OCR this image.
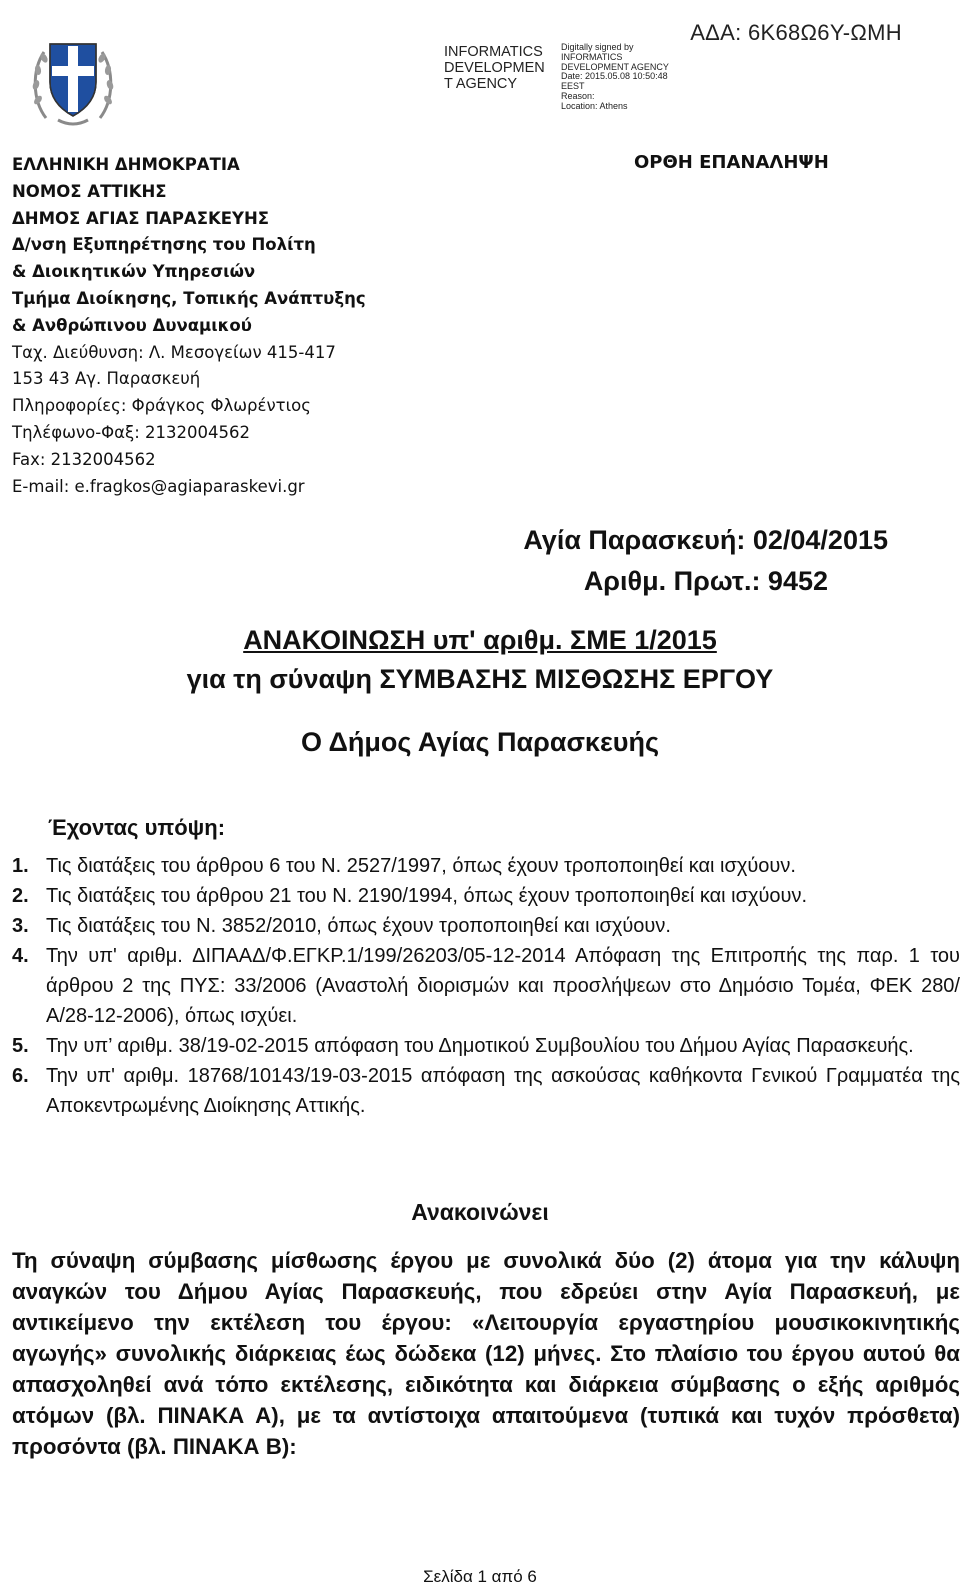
INFORMATICS
DEVELOPMEN
T AGENCY
Digitally signed by
INFORMATICS
DEVELOPMENT AGENCY
Date: 2015.05.08 10:50:48
EEST
Reason:
Location: Athens
ΑΔΑ: 6Κ68Ω6Υ-ΩΜΗ
ΕΛΛΗΝΙΚΗ ΔΗΜΟΚΡΑΤΙΑ
ΝΟΜΟΣ ΑΤΤΙΚΗΣ
ΔΗΜΟΣ ΑΓΙΑΣ ΠΑΡΑΣΚΕΥΗΣ
Δ/νση Εξυπηρέτησης του Πολίτη
& Διοικητικών Υπηρεσιών
Τμήμα Διοίκησης, Τοπικής Ανάπτυξης
& Ανθρώπινου Δυναμικού
Ταχ. Διεύθυνση: Λ. Μεσογείων 415-417
153 43 Αγ. Παρασκευή
Πληροφορίες: Φράγκος Φλωρέντιος
Τηλέφωνο-Φαξ: 2132004562
Fax: 2132004562
E-mail: e.fragkos@agiaparaskevi.gr
ΟΡΘΗ ΕΠΑΝΑΛΗΨΗ
Αγία Παρασκευή: 02/04/2015
Αριθμ. Πρωτ.: 9452
ΑΝΑΚΟΙΝΩΣΗ υπ' αριθμ. ΣΜΕ 1/2015
για τη σύναψη ΣΥΜΒΑΣΗΣ ΜΙΣΘΩΣΗΣ ΕΡΓΟΥ
Ο Δήμος Αγίας Παρασκευής
Έχοντας υπόψη:
1. Τις διατάξεις του άρθρου 6 του Ν. 2527/1997, όπως έχουν τροποποιηθεί και ισχύουν.
2. Τις διατάξεις του άρθρου 21 του Ν. 2190/1994, όπως έχουν τροποποιηθεί και ισχύουν.
3. Τις διατάξεις του Ν. 3852/2010, όπως έχουν τροποποιηθεί και ισχύουν.
4. Την υπ' αριθμ. ΔΙΠΑΑΔ/Φ.ΕΓΚΡ.1/199/26203/05-12-2014 Απόφαση της Επιτροπής της παρ. 1 του άρθρου 2 της ΠΥΣ: 33/2006 (Αναστολή διορισμών και προσλήψεων στο Δημόσιο Τομέα, ΦΕΚ 280/Α/28-12-2006), όπως ισχύει.
5. Την υπ’ αριθμ. 38/19-02-2015 απόφαση του Δημοτικού Συμβουλίου του Δήμου Αγίας Παρασκευής.
6. Την υπ' αριθμ. 18768/10143/19-03-2015 απόφαση της ασκούσας καθήκοντα Γενικού Γραμματέα της Αποκεντρωμένης Διοίκησης Αττικής.
Ανακοινώνει
Τη σύναψη σύμβασης μίσθωσης έργου με συνολικά δύο (2) άτομα για την κάλυψη αναγκών του Δήμου Αγίας Παρασκευής, που εδρεύει στην Αγία Παρασκευή, με αντικείμενο την εκτέλεση του έργου: «Λειτουργία εργαστηρίου μουσικοκινητικής αγωγής» συνολικής διάρκειας έως δώδεκα (12) μήνες. Στο πλαίσιο του έργου αυτού θα απασχοληθεί ανά τόπο εκτέλεσης, ειδικότητα και διάρκεια σύμβασης ο εξής αριθμός ατόμων (βλ. ΠΙΝΑΚΑ Α), με τα αντίστοιχα απαιτούμενα (τυπικά και τυχόν πρόσθετα) προσόντα (βλ. ΠΙΝΑΚΑ Β):
Σελίδα 1 από 6
